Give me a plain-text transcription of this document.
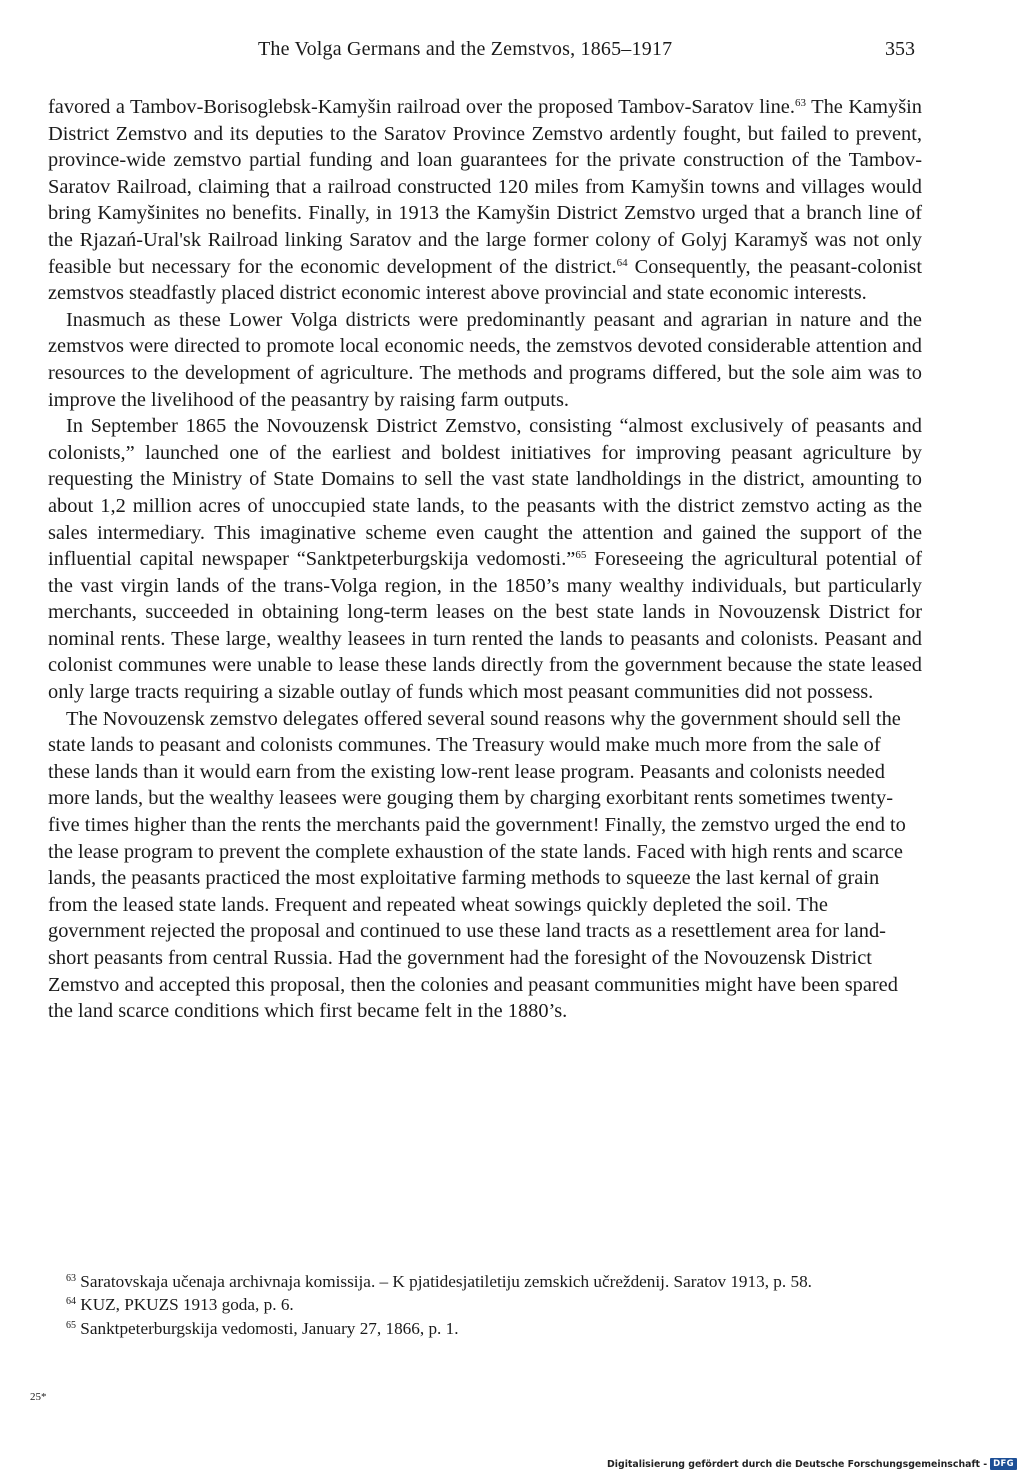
The Volga Germans and the Zemstvos, 1865–1917	353

favored a Tambov-Borisoglebsk-Kamyšin railroad over the proposed Tambov-Saratov line.$^{63}$ The Kamyšin District Zemstvo and its deputies to the Saratov Province Zemstvo ardently fought, but failed to prevent, province-wide zemstvo partial funding and loan guarantees for the private construction of the Tambov-Saratov Railroad, claiming that a railroad constructed 120 miles from Kamyšin towns and villages would bring Kamyšinites no benefits. Finally, in 1913 the Kamyšin District Zemstvo urged that a branch line of the Rjazań-Ural'sk Railroad linking Saratov and the large former colony of Golyj Karamyš was not only feasible but necessary for the economic development of the district.$^{64}$ Consequently, the peasant-colonist zemstvos steadfastly placed district economic interest above provincial and state economic interests.

Inasmuch as these Lower Volga districts were predominantly peasant and agrarian in nature and the zemstvos were directed to promote local economic needs, the zemstvos devoted considerable attention and resources to the development of agriculture. The methods and programs differed, but the sole aim was to improve the livelihood of the peasantry by raising farm outputs.

In September 1865 the Novouzensk District Zemstvo, consisting “almost exclusively of peasants and colonists,” launched one of the earliest and boldest initiatives for improving peasant agriculture by requesting the Ministry of State Domains to sell the vast state landholdings in the district, amounting to about 1,2 million acres of unoccupied state lands, to the peasants with the district zemstvo acting as the sales intermediary. This imaginative scheme even caught the attention and gained the support of the influential capital newspaper “Sanktpeterburgskija vedomosti.”$^{65}$ Foreseeing the agricultural potential of the vast virgin lands of the trans-Volga region, in the 1850’s many wealthy individuals, but particularly merchants, succeeded in obtaining long-term leases on the best state lands in Novouzensk District for nominal rents. These large, wealthy leasees in turn rented the lands to peasants and colonists. Peasant and colonist communes were unable to lease these lands directly from the government because the state leased only large tracts requiring a sizable outlay of funds which most peasant communities did not possess.

The Novouzensk zemstvo delegates offered several sound reasons why the government should sell the state lands to peasant and colonists communes. The Treasury would make much more from the sale of these lands than it would earn from the existing low-rent lease program. Peasants and colonists needed more lands, but the wealthy leasees were gouging them by charging exorbitant rents sometimes twenty-five times higher than the rents the merchants paid the government! Finally, the zemstvo urged the end to the lease program to prevent the complete exhaustion of the state lands. Faced with high rents and scarce lands, the peasants practiced the most exploitative farming methods to squeeze the last kernal of grain from the leased state lands. Frequent and repeated wheat sowings quickly depleted the soil. The government rejected the proposal and continued to use these land tracts as a resettlement area for land-short peasants from central Russia. Had the government had the foresight of the Novouzensk District Zemstvo and accepted this proposal, then the colonies and peasant communities might have been spared the land scarce conditions which first became felt in the 1880’s.

$^{63}$ Saratovskaja učenaja archivnaja komissija. – K pjatidesjatiletiju zemskich učreždenij. Saratov 1913, p. 58.

$^{64}$ KUZ, PKUZS 1913 goda, p. 6.

$^{65}$ Sanktpeterburgskija vedomosti, January 27, 1866, p. 1.

25*
Digitalisierung gefördert durch die Deutsche Forschungsgemeinschaft - DFG
